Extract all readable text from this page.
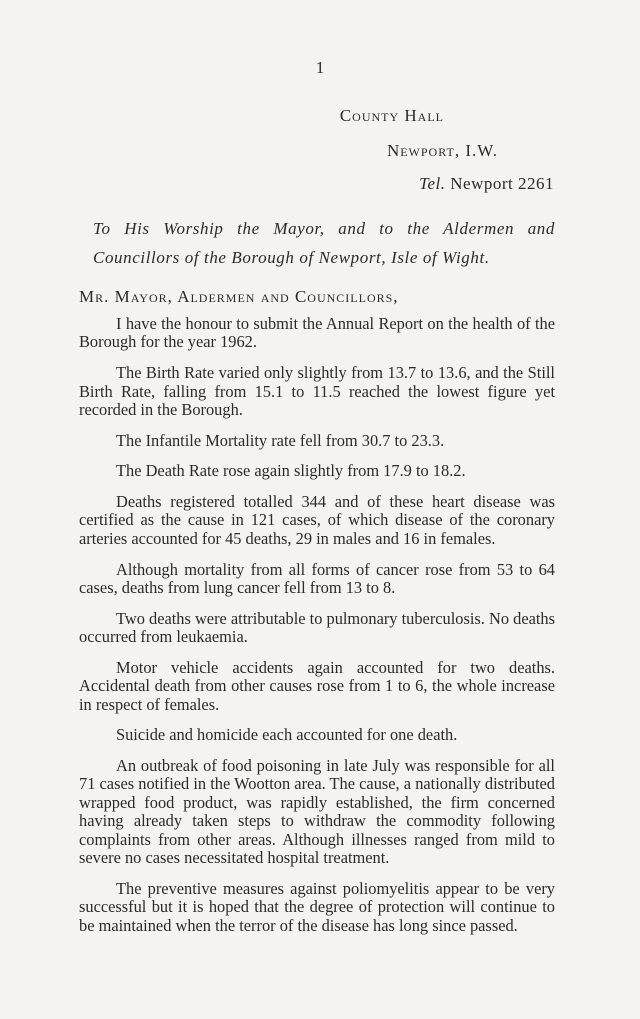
1
County Hall
Newport, I.W.
Tel. Newport 2261

To His Worship the Mayor, and to the Aldermen and

Councillors of the Borough of Newport, Isle of Wight.

Mr. Mayor, Aldermen and Councillors,

I have the honour to submit the Annual Report on the health of the Borough for the year 1962.

The Birth Rate varied only slightly from 13.7 to 13.6, and the Still Birth Rate, falling from 15.1 to 11.5 reached the lowest figure yet recorded in the Borough.

The Infantile Mortality rate fell from 30.7 to 23.3.

The Death Rate rose again slightly from 17.9 to 18.2.

Deaths registered totalled 344 and of these heart disease was certified as the cause in 121 cases, of which disease of the coronary arteries accounted for 45 deaths, 29 in males and 16 in females.

Although mortality from all forms of cancer rose from 53 to 64 cases, deaths from lung cancer fell from 13 to 8.

Two deaths were attributable to pulmonary tuberculosis. No deaths occurred from leukaemia.

Motor vehicle accidents again accounted for two deaths. Accidental death from other causes rose from 1 to 6, the whole increase in respect of females.

Suicide and homicide each accounted for one death.

An outbreak of food poisoning in late July was responsible for all 71 cases notified in the Wootton area. The cause, a nationally distributed wrapped food product, was rapidly established, the firm concerned having already taken steps to withdraw the commodity following complaints from other areas. Although illnesses ranged from mild to severe no cases necessitated hospital treatment.

The preventive measures against poliomyelitis appear to be very successful but it is hoped that the degree of protection will continue to be maintained when the terror of the disease has long since passed.
